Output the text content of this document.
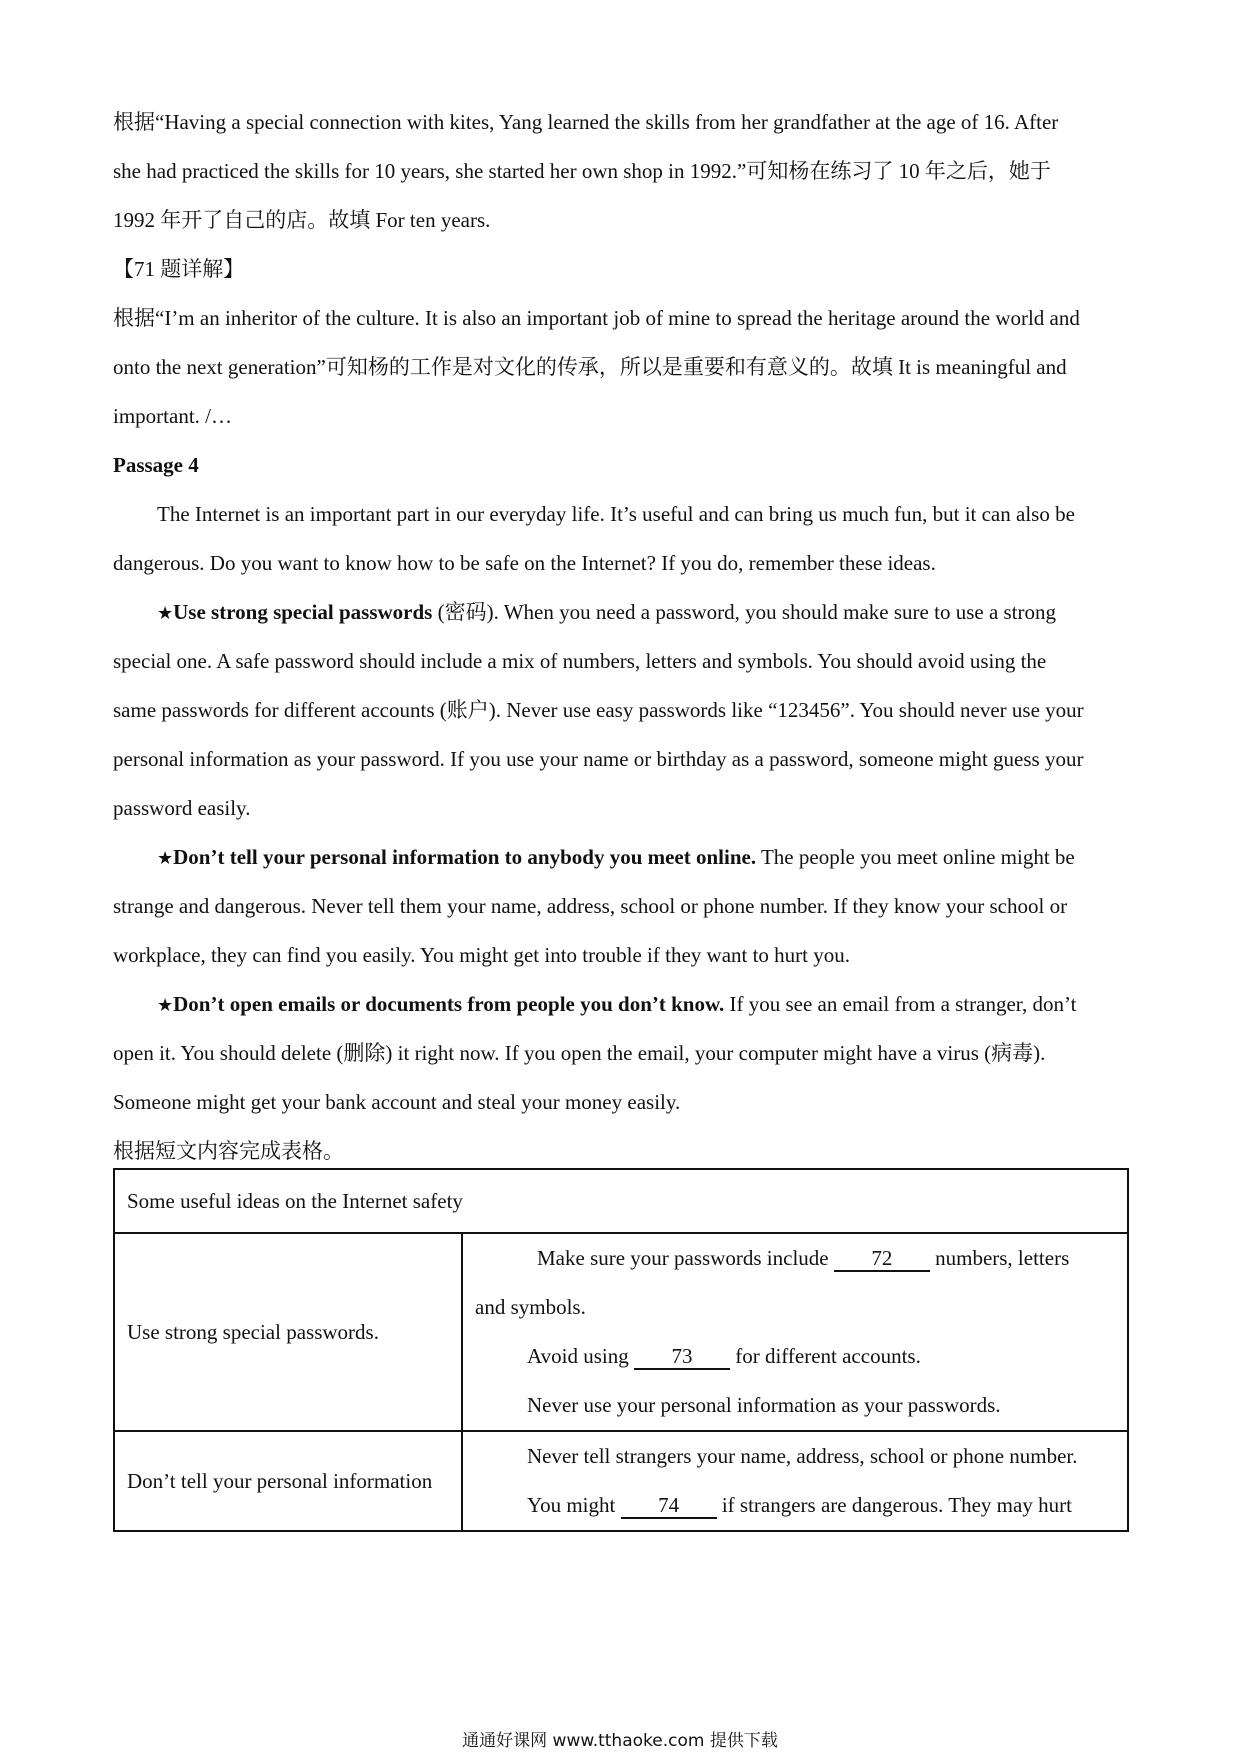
根据“Having a special connection with kites, Yang learned the skills from her grandfather at the age of 16. After
she had practiced the skills for 10 years, she started her own shop in 1992.”可知杨在练习了 10 年之后，她于
1992 年开了自己的店。故填 For ten years.
【71 题详解】
根据“I’m an inheritor of the culture. It is also an important job of mine to spread the heritage around the world and
onto the next generation”可知杨的工作是对文化的传承，所以是重要和有意义的。故填 It is meaningful and
important. /…
Passage 4
The Internet is an important part in our everyday life. It’s useful and can bring us much fun, but it can also be
dangerous. Do you want to know how to be safe on the Internet? If you do, remember these ideas.
★Use strong special passwords (密码). When you need a password, you should make sure to use a strong
special one. A safe password should include a mix of numbers, letters and symbols. You should avoid using the
same passwords for different accounts (账户). Never use easy passwords like “123456”. You should never use your
personal information as your password. If you use your name or birthday as a password, someone might guess your
password easily.
★Don’t tell your personal information to anybody you meet online. The people you meet online might be
strange and dangerous. Never tell them your name, address, school or phone number. If they know your school or
workplace, they can find you easily. You might get into trouble if they want to hurt you.
★Don’t open emails or documents from people you don’t know. If you see an email from a stranger, don’t
open it. You should delete (删除) it right now. If you open the email, your computer might have a virus (病毒).
Someone might get your bank account and steal your money easily.
根据短文内容完成表格。
Some useful ideas on the Internet safety	
Use strong special passwords.	Make sure your passwords include 72 numbers, letters
and symbols.
Avoid using 73 for different accounts.
Never use your personal information as your passwords.

Don’t tell your personal information	Never tell strangers your name, address, school or phone number.
You might 74 if strangers are dangerous. They may hurt
通通好课网 www.tthaoke.com 提供下载
